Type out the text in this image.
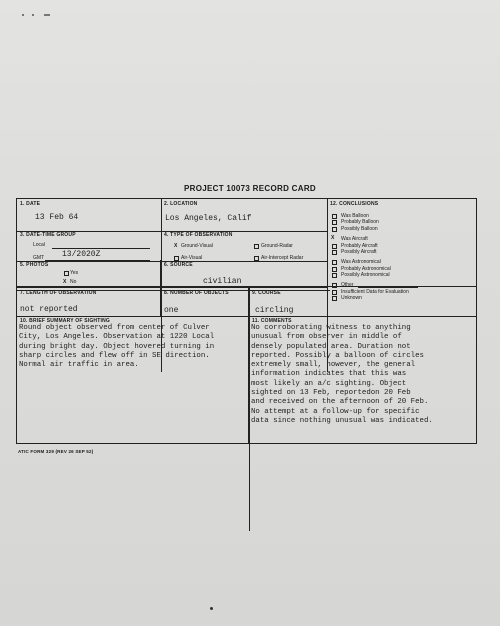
PROJECT 10073 RECORD CARD
1. DATE
13 Feb 64
2. LOCATION
Los Angeles, Calif
3. DATE-TIME GROUP
Local
GMT 13/2020Z
4. TYPE OF OBSERVATION
X Ground-Visual	Ground-Radar
Air-Visual	Air-Intercept Radar
5. PHOTOS
Yes
X No
6. SOURCE
civilian
7. LENGTH OF OBSERVATION
not reported
8. NUMBER OF OBJECTS
one
9. COURSE
circling
10. BRIEF SUMMARY OF SIGHTING
Round object observed from center of Culver
City, Los Angeles. Observation at 1220 Local
during bright day. Object hovered turning in
sharp circles and flew off in SE direction.
Normal air traffic in area.
11. COMMENTS
No corroborating witness to anything
unusual from observer in middle of
densely populated area. Duration not
reported. Possibly a balloon of circles
extremely small, however, the general
information indicates that this was
most likely an a/c sighting. Object
sighted on 13 Feb, reportedon 20 Feb
and received on the afternoon of 20 Feb.
No attempt at a follow-up for specific
data since nothing unusual was indicated.
12. CONCLUSIONS
Was Balloon
Probably Balloon
Possibly Balloon
X Was Aircraft
Probably Aircraft
Possibly Aircraft
Was Astronomical
Probably Astronomical
Possibly Astronomical
Other
Insufficient Data for Evaluation
Unknown
ATIC FORM 329 (REV 26 SEP 52)
